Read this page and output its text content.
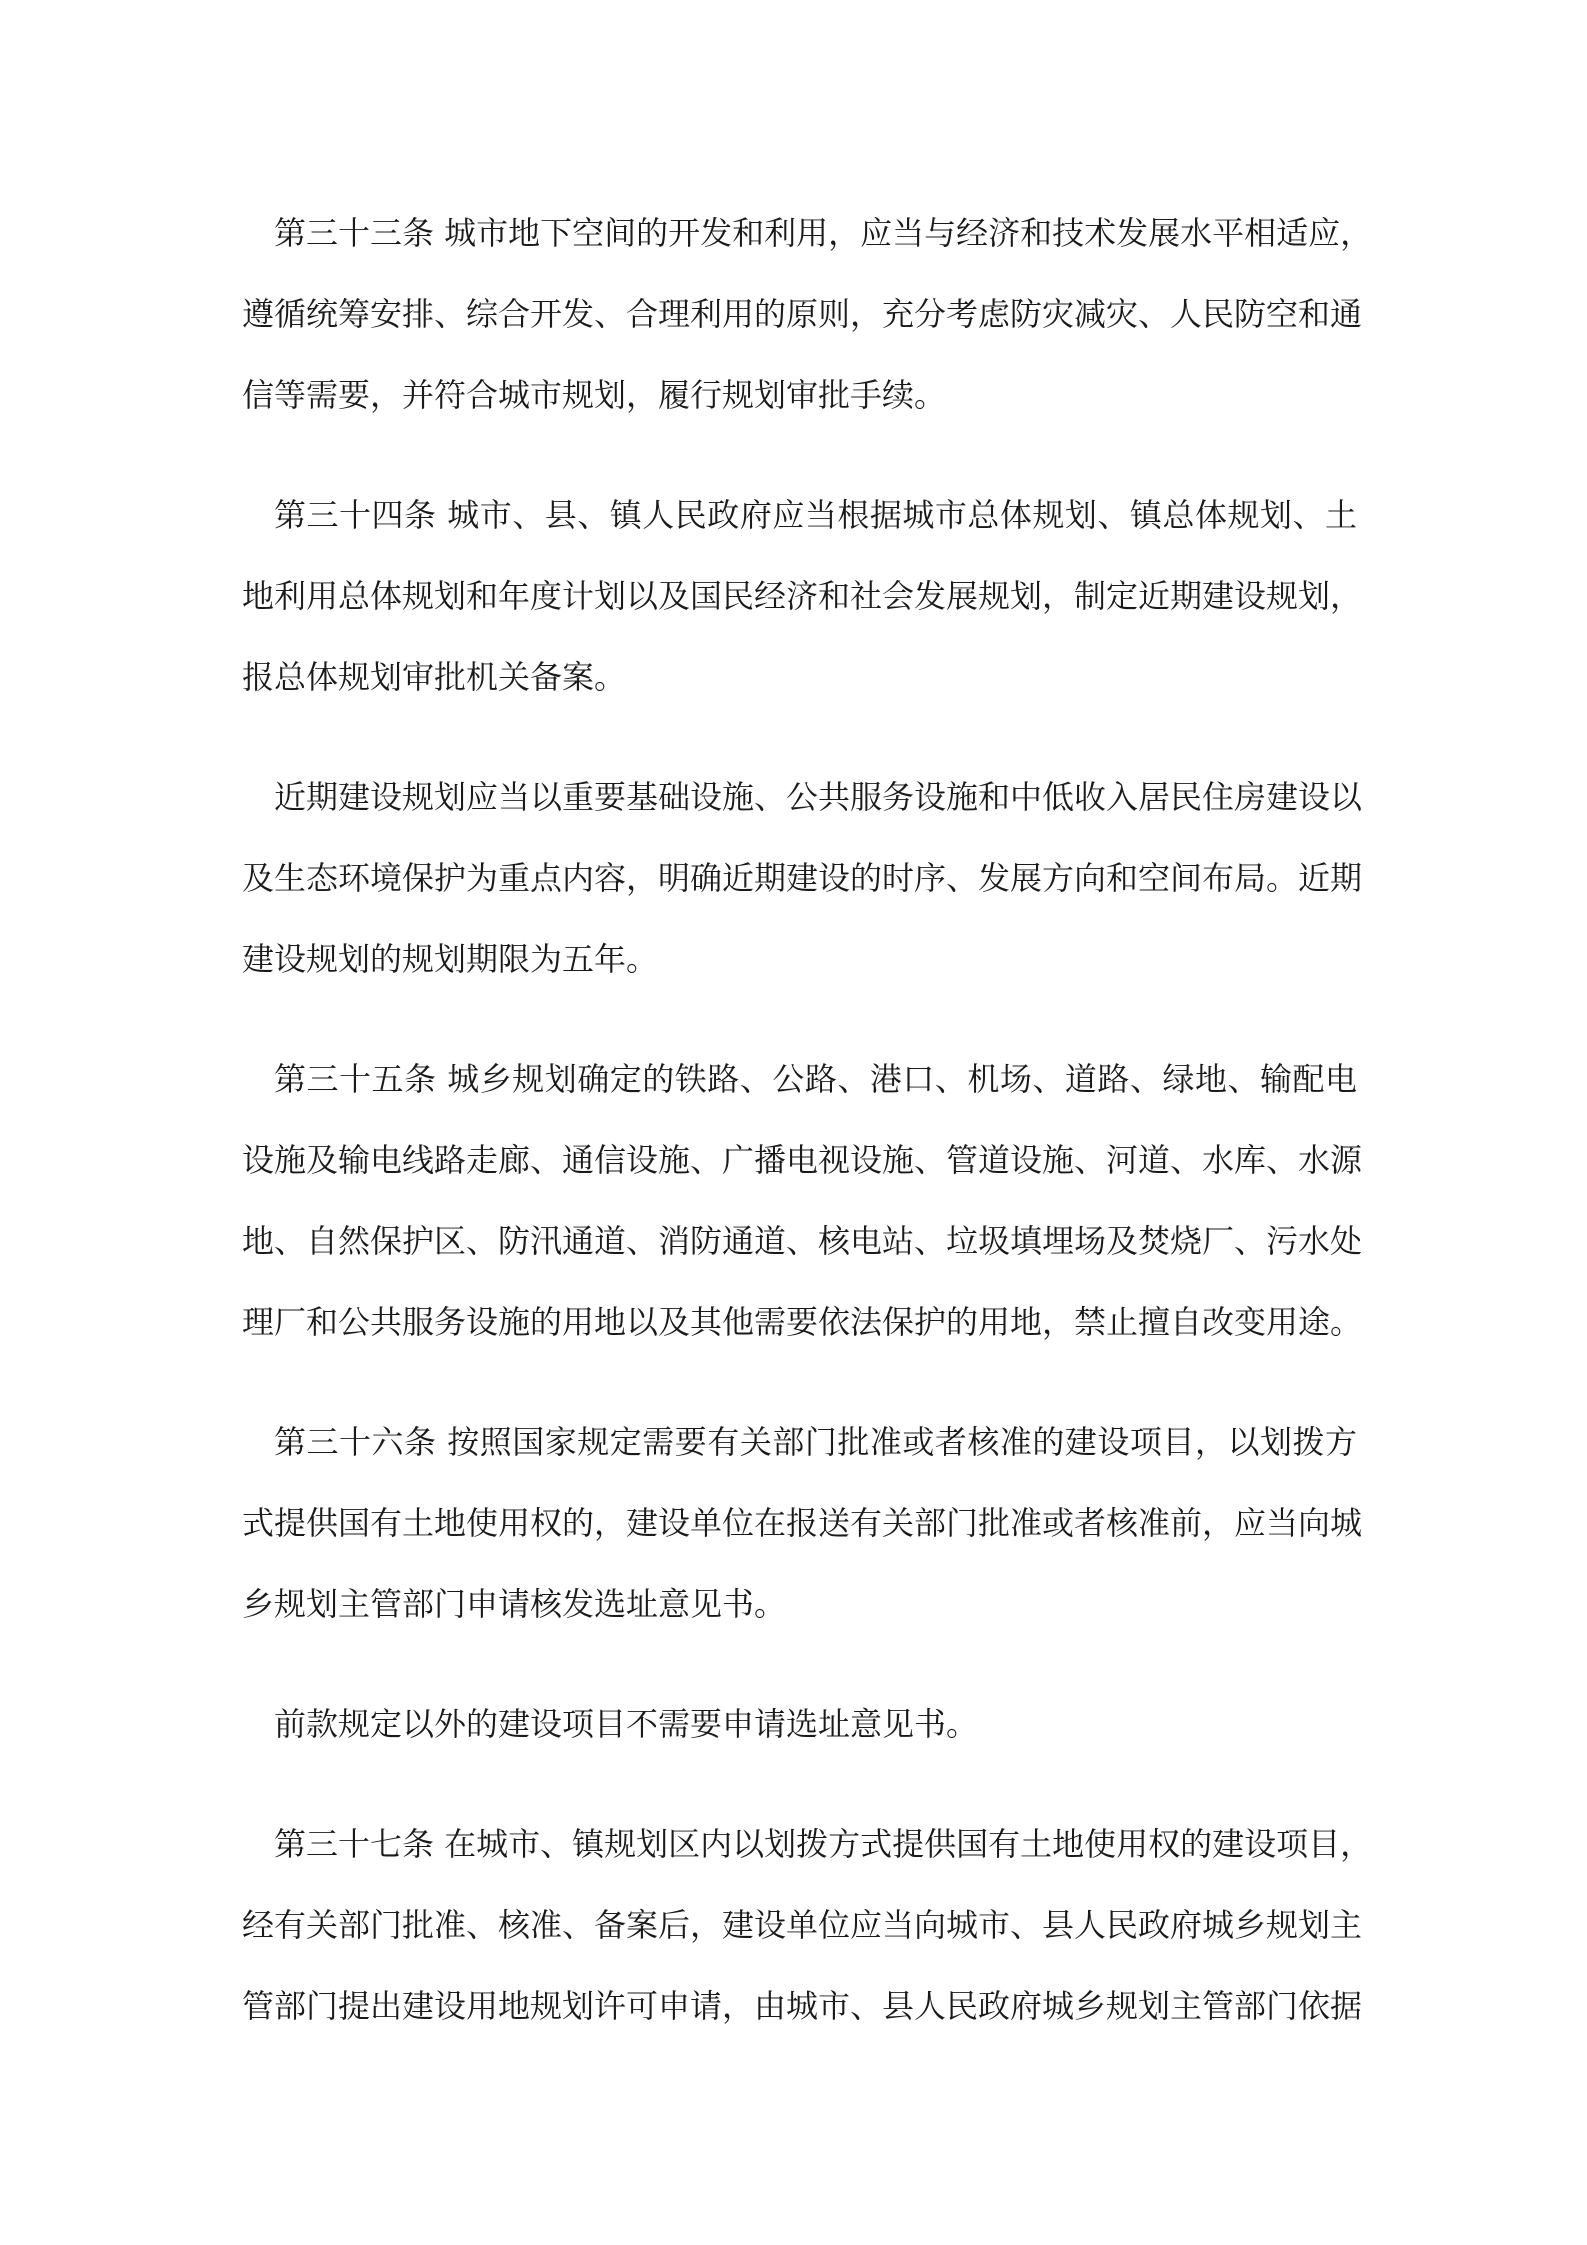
第三十三条 城市地下空间的开发和利用，应当与经济和技术发展水平相适应，
遵循统筹安排、综合开发、合理利用的原则，充分考虑防灾减灾、人民防空和通
信等需要，并符合城市规划，履行规划审批手续。
第三十四条 城市、县、镇人民政府应当根据城市总体规划、镇总体规划、土
地利用总体规划和年度计划以及国民经济和社会发展规划，制定近期建设规划，
报总体规划审批机关备案。
近期建设规划应当以重要基础设施、公共服务设施和中低收入居民住房建设以
及生态环境保护为重点内容，明确近期建设的时序、发展方向和空间布局。近期
建设规划的规划期限为五年。
第三十五条 城乡规划确定的铁路、公路、港口、机场、道路、绿地、输配电
设施及输电线路走廊、通信设施、广播电视设施、管道设施、河道、水库、水源
地、自然保护区、防汛通道、消防通道、核电站、垃圾填埋场及焚烧厂、污水处
理厂和公共服务设施的用地以及其他需要依法保护的用地，禁止擅自改变用途。
第三十六条 按照国家规定需要有关部门批准或者核准的建设项目，以划拨方
式提供国有土地使用权的，建设单位在报送有关部门批准或者核准前，应当向城
乡规划主管部门申请核发选址意见书。
前款规定以外的建设项目不需要申请选址意见书。
第三十七条 在城市、镇规划区内以划拨方式提供国有土地使用权的建设项目，
经有关部门批准、核准、备案后，建设单位应当向城市、县人民政府城乡规划主
管部门提出建设用地规划许可申请，由城市、县人民政府城乡规划主管部门依据
